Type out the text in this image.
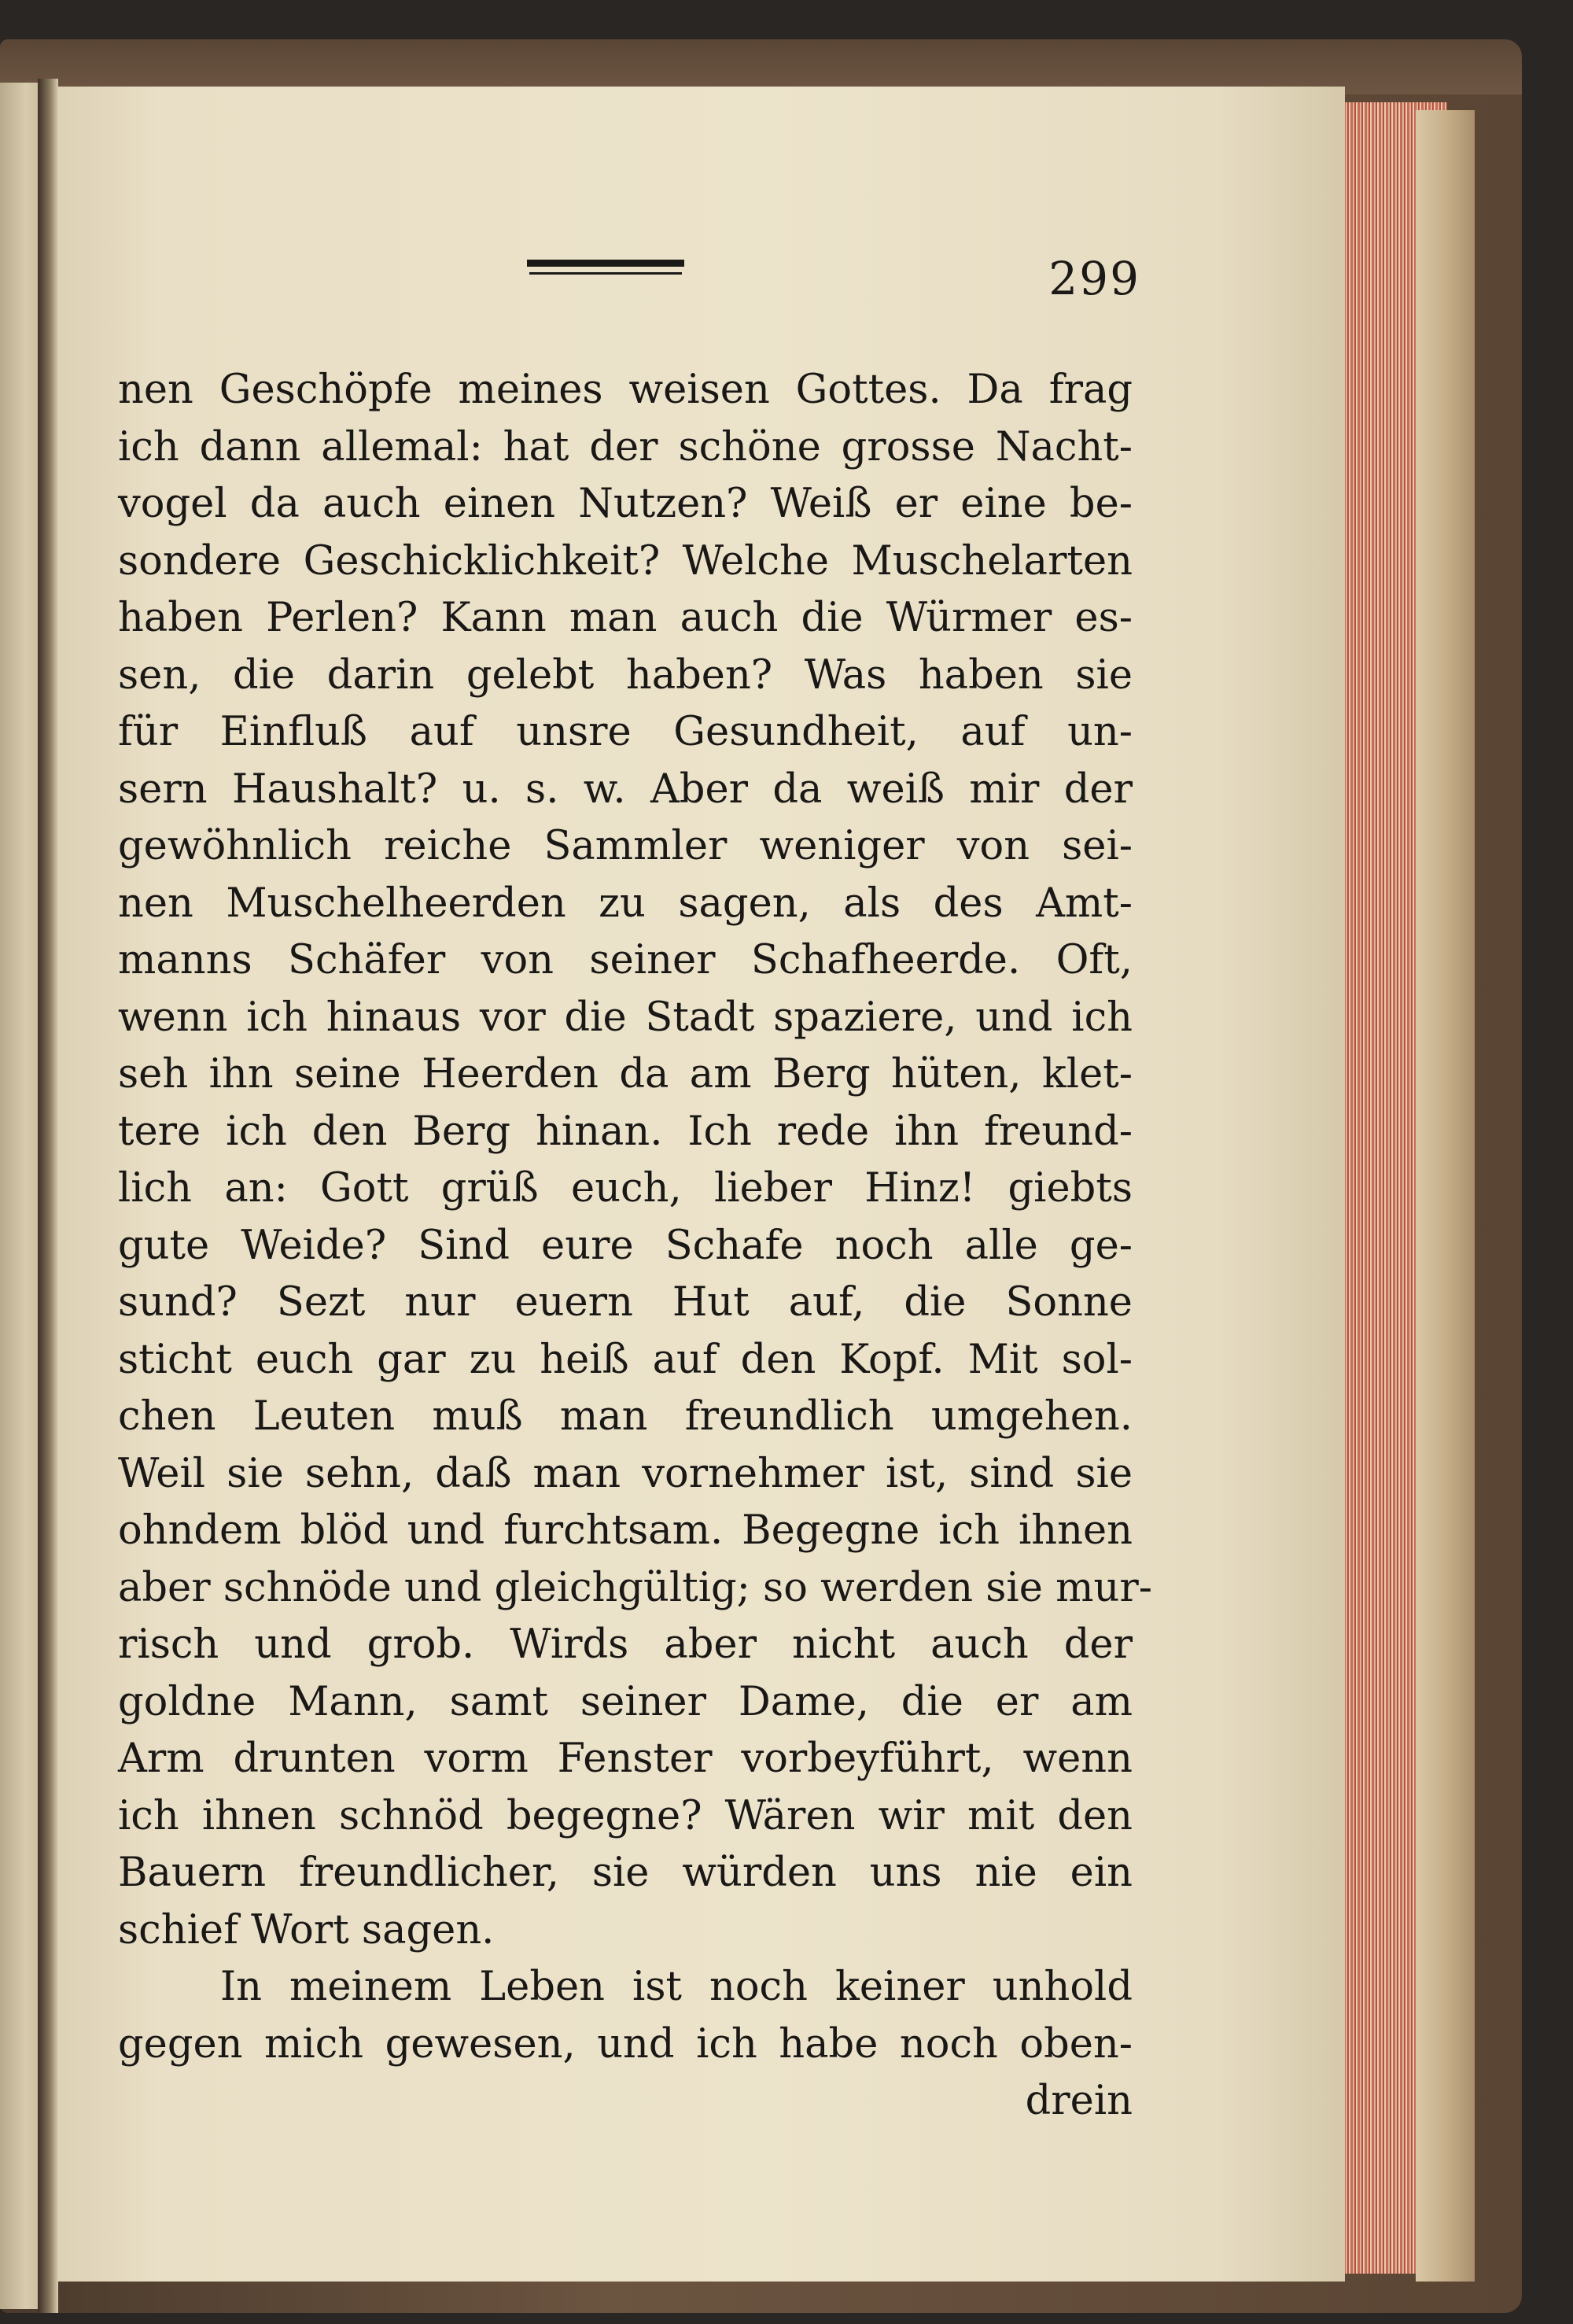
299
nen Geschöpfe meines weisen Gottes. Da frag
ich dann allemal: hat der schöne grosse Nacht-
vogel da auch einen Nutzen? Weiß er eine be-
sondere Geschicklichkeit? Welche Muschelarten
haben Perlen? Kann man auch die Würmer es-
sen, die darin gelebt haben? Was haben sie
für Einfluß auf unsre Gesundheit, auf un-
sern Haushalt? u. s. w. Aber da weiß mir der
gewöhnlich reiche Sammler weniger von sei-
nen Muschelheerden zu sagen, als des Amt-
manns Schäfer von seiner Schafheerde. Oft,
wenn ich hinaus vor die Stadt spaziere, und ich
seh ihn seine Heerden da am Berg hüten, klet-
tere ich den Berg hinan. Ich rede ihn freund-
lich an: Gott grüß euch, lieber Hinz! giebts
gute Weide? Sind eure Schafe noch alle ge-
sund? Sezt nur euern Hut auf, die Sonne
sticht euch gar zu heiß auf den Kopf. Mit sol-
chen Leuten muß man freundlich umgehen.
Weil sie sehn, daß man vornehmer ist, sind sie
ohndem blöd und furchtsam. Begegne ich ihnen
aber schnöde und gleichgültig; so werden sie mur-
risch und grob. Wirds aber nicht auch der
goldne Mann, samt seiner Dame, die er am
Arm drunten vorm Fenster vorbeyführt, wenn
ich ihnen schnöd begegne? Wären wir mit den
Bauern freundlicher, sie würden uns nie ein
schief Wort sagen.
In meinem Leben ist noch keiner unhold
gegen mich gewesen, und ich habe noch oben-
drein
